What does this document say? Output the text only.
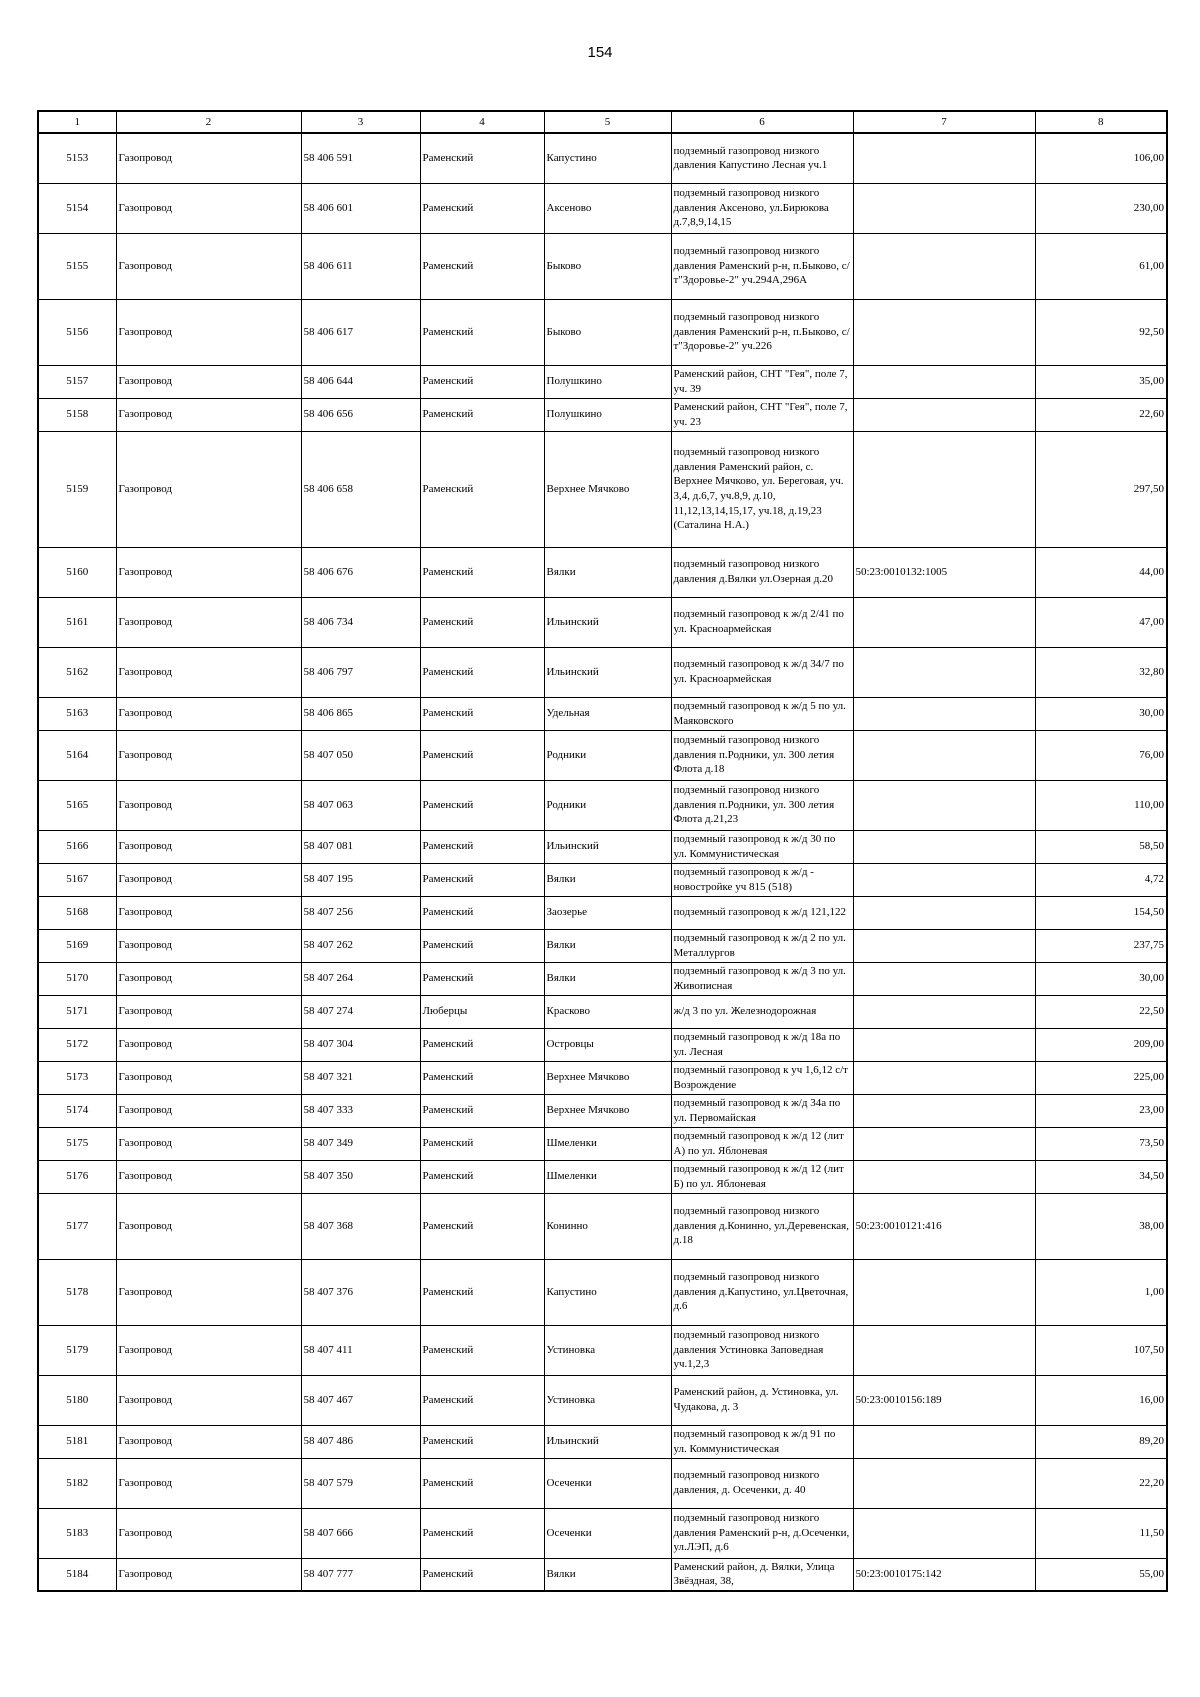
154
1	2	3	4	5	6	7	8
5153	Газопровод	58 406 591	Раменский	Капустино	подземный газопровод низкого давления Капустино Лесная уч.1		106,00
5154	Газопровод	58 406 601	Раменский	Аксеново	подземный газопровод низкого давления Аксеново, ул.Бирюкова д.7,8,9,14,15		230,00
5155	Газопровод	58 406 611	Раменский	Быково	подземный газопровод низкого давления Раменский р-н, п.Быково, с/т"Здоровье-2" уч.294А,296А		61,00
5156	Газопровод	58 406 617	Раменский	Быково	подземный газопровод низкого давления Раменский р-н, п.Быково, с/т"Здоровье-2" уч.226		92,50
5157	Газопровод	58 406 644	Раменский	Полушкино	Раменский район, СНТ "Гея", поле 7, уч. 39		35,00
5158	Газопровод	58 406 656	Раменский	Полушкино	Раменский район, СНТ "Гея", поле 7, уч. 23		22,60
5159	Газопровод	58 406 658	Раменский	Верхнее Мячково	подземный газопровод низкого давления Раменский район, с. Верхнее Мячково, ул. Береговая, уч. 3,4, д.6,7, уч.8,9, д.10, 11,12,13,14,15,17, уч.18, д.19,23 (Саталина Н.А.)		297,50
5160	Газопровод	58 406 676	Раменский	Вялки	подземный газопровод низкого давления д.Вялки ул.Озерная д.20	50:23:0010132:1005	44,00
5161	Газопровод	58 406 734	Раменский	Ильинский	подземный газопровод к ж/д 2/41 по ул. Красноармейская		47,00
5162	Газопровод	58 406 797	Раменский	Ильинский	подземный газопровод к ж/д 34/7 по ул. Красноармейская		32,80
5163	Газопровод	58 406 865	Раменский	Удельная	подземный газопровод к ж/д 5 по ул. Маяковского		30,00
5164	Газопровод	58 407 050	Раменский	Родники	подземный газопровод низкого давления п.Родники, ул. 300 летия Флота д.18		76,00
5165	Газопровод	58 407 063	Раменский	Родники	подземный газопровод низкого давления п.Родники, ул. 300 летия Флота д.21,23		110,00
5166	Газопровод	58 407 081	Раменский	Ильинский	подземный газопровод к ж/д 30 по ул. Коммунистическая		58,50
5167	Газопровод	58 407 195	Раменский	Вялки	подземный газопровод к ж/д - новостройке уч 815 (518)		4,72
5168	Газопровод	58 407 256	Раменский	Заозерье	подземный газопровод к ж/д 121,122		154,50
5169	Газопровод	58 407 262	Раменский	Вялки	подземный газопровод к ж/д 2 по ул. Металлургов		237,75
5170	Газопровод	58 407 264	Раменский	Вялки	подземный газопровод к ж/д 3 по ул. Живописная		30,00
5171	Газопровод	58 407 274	Люберцы	Красково	ж/д 3 по ул. Железнодорожная		22,50
5172	Газопровод	58 407 304	Раменский	Островцы	подземный газопровод к ж/д 18а по ул. Лесная		209,00
5173	Газопровод	58 407 321	Раменский	Верхнее Мячково	подземный газопровод к уч 1,6,12 с/т Возрождение		225,00
5174	Газопровод	58 407 333	Раменский	Верхнее Мячково	подземный газопровод к ж/д 34а по ул. Первомайская		23,00
5175	Газопровод	58 407 349	Раменский	Шмеленки	подземный газопровод к ж/д 12 (лит А) по ул. Яблоневая		73,50
5176	Газопровод	58 407 350	Раменский	Шмеленки	подземный газопровод к ж/д 12 (лит Б) по ул. Яблоневая		34,50
5177	Газопровод	58 407 368	Раменский	Конинно	подземный газопровод низкого давления д.Конинно, ул.Деревенская, д.18	50:23:0010121:416	38,00
5178	Газопровод	58 407 376	Раменский	Капустино	подземный газопровод низкого давления д.Капустино, ул.Цветочная, д.6		1,00
5179	Газопровод	58 407 411	Раменский	Устиновка	подземный газопровод низкого давления Устиновка Заповедная уч.1,2,3		107,50
5180	Газопровод	58 407 467	Раменский	Устиновка	Раменский район, д. Устиновка, ул. Чудакова, д. 3	50:23:0010156:189	16,00
5181	Газопровод	58 407 486	Раменский	Ильинский	подземный газопровод к ж/д 91 по ул. Коммунистическая		89,20
5182	Газопровод	58 407 579	Раменский	Осеченки	подземный газопровод низкого давления, д. Осеченки, д. 40		22,20
5183	Газопровод	58 407 666	Раменский	Осеченки	подземный газопровод низкого давления Раменский р-н, д.Осеченки, ул.ЛЭП, д.6		11,50
5184	Газопровод	58 407 777	Раменский	Вялки	Раменский район, д. Вялки, Улица Звёздная, 38,	50:23:0010175:142	55,00
